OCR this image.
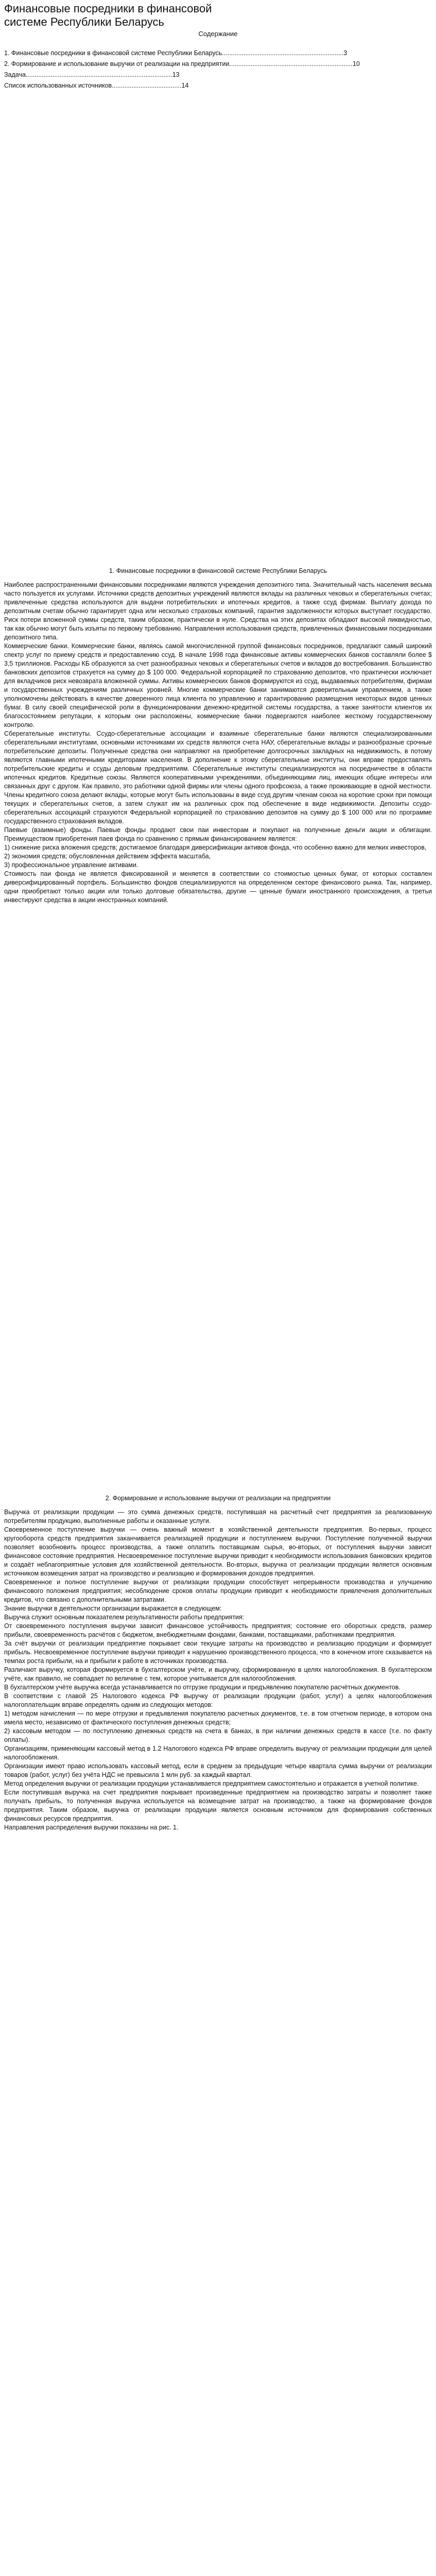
Финансовые посредники в финансовой системе Республики Беларусь
Содержание
1. Финансовые посредники в финансовой системе Республики Беларусь....................................................................3
2. Формирование и использование выручки от реализации на предприятии.....................................................................10
Задача..................................................................................13
Список использованных источников.......................................14
1. Финансовые посредники в финансовой системе Республики Беларусь

Наиболее распространенными финансовыми посредниками являются учреждения депозитного типа. Значительный часть населения весьма часто пользуется их услугами. Источники средств депозитных учреждений являются вклады на различных чековых и сберегательных счетах; привлеченные средства используются для выдачи потребительских и ипотечных кредитов, а также ссуд фирмам. Выплату дохода по депозитным счетам обычно гарантирует одна или несколько страховых компаний, гарантия задолженности которых выступает государство. Риск потери вложенной суммы средств, таким образом, практически в нуле. Средства на этих депозитах обладают высокой ликвидностью, так как обычно могут быть изъяты по первому требованию. Направления использования средств, привлеченных финансовыми посредниками депозитного типа.

Коммерческие банки. Коммерческие банки, являясь самой многочисленной группой финансовых посредников, предлагают самый широкий спектр услуг по приему средств и предоставлению ссуд. В начале 1998 года финансовые активы коммерческих банков составляли более $ 3,5 триллионов. Расходы КБ образуются за счет разнообразных чековых и сберегательных счетов и вкладов до востребования. Большинство банковских депозитов страхуется на сумму до $ 100 000. Федеральной корпорацией по страхованию депозитов, что практически исключает для вкладчиков риск невозврата вложенной суммы. Активы коммерческих банков формируются из ссуд, выдаваемых потребителям, фирмам и государственных учреждениям различных уровней. Многие коммерческие банки занимаются доверительным управлением, а также уполномочены действовать в качестве доверенного лица клиента по управлению и гарантированию размещения некоторых видов ценных бумаг. В силу своей специфической роли в функционировании денежно-кредитной системы государства, а также занятости клиентов их благосостоянием репутации, к которым они расположены, коммерческие банки подвергаются наиболее жесткому государственному контролю.

Сберегательные институты. Ссудо-сберегательные ассоциации и взаимные сберегательные банки являются специализированными сберегательными институтами, основными источниками их средств являются счета НАУ, сберегательные вклады и разнообразные срочные потребительские депозиты. Полученные средства они направляют на приобретение долгосрочных закладных на недвижимость, в потому являются главными ипотечными кредиторами населения. В дополнение к этому сберегательные институты, они вправе предоставлять потребительские кредиты и ссуды деловым предприятиям. Сберегательные институты специализируются на посредничестве в области ипотечных кредитов. Кредитные союзы. Являются кооперативными учреждениями, объединяющими лиц, имеющих общие интересы или связанных друг с другом. Как правило, это работники одной фирмы или члены одного профсоюза, а также проживающие в одной местности. Члены кредитного союза делают вклады, которые могут быть использованы в виде ссуд другим членам союза на короткие сроки при помощи текущих и сберегательных счетов, а затем служат им на различных срок под обеспечение в виде недвижимости. Депозиты ссудо-сберегательных ассоциаций страхуются Федеральной корпорацией по страхованию депозитов на сумму до $ 100 000 или по программе государственного страхования вкладов.

Паевые (взаимные) фонды. Паевые фонды продают свои паи инвесторам и покупают на полученные деньги акции и облигации. Преимуществом приобретения паев фонда по сравнению с прямым финансированием является:

1) снижение риска вложения средств; достигаемое благодаря диверсификации активов фонда, что особенно важно для мелких инвесторов,

2) экономия средств; обусловленная действием эффекта масштаба,

3) профессиональное управление активами.

Стоимость паи фонда не является фиксированной и меняется в соответствии со стоимостью ценных бумаг, от которых составлен диверсифицированный портфель. Большинство фондов специализируются на определенном секторе финансового рынка. Так, например, одни приобретают только акции или только долговые обязательства, другие — ценные бумаги иностранного происхождения, а третьи инвестируют средства в акции иностранных компаний.

2. Формирование и использование выручки от реализации на предприятии

Выручка от реализации продукции — это сумма денежных средств, поступившая на расчетный счет предприятия за реализованную потребителям продукцию, выполненные работы и оказанные услуги.

Своевременное поступление выручки — очень важный момент в хозяйственной деятельности предприятия. Во-первых, процесс кругооборота средств предприятия заканчивается реализацией продукции и поступлением выручки. Поступление полученной выручки позволяет возобновить процесс производства, а также оплатить поставщикам сырья, во-вторых, от поступления выручки зависит финансовое состояние предприятия. Несвоевременное поступление выручки приводит к необходимости использования банковских кредитов и создаёт неблагоприятные условия для хозяйственной деятельности. Во-вторых, выручка от реализации продукции является основным источником возмещения затрат на производство и реализацию и формирования доходов предприятия.

Своевременное и полное поступление выручки от реализации продукции способствует непрерывности производства и улучшению финансового положения предприятия; несоблюдение сроков оплаты продукции приводит к необходимости привлечения дополнительных кредитов, что связано с дополнительными затратами.

Знание выручки в деятельности организации выражается в следующем:

Выручка служит основным показателем результативности работы предприятия:

От своевременного поступления выручки зависит финансовое устойчивость предприятия; состояние его оборотных средств, размер прибыли, своевременность расчётов с бюджетом, внебюджетными фондами, банками, поставщиками, работниками предприятия.

За счёт выручки от реализации предприятие покрывает свои текущие затраты на производство и реализацию продукции и формирует прибыль. Несвоевременное поступление выручки приводит к нарушению производственного процесса, что в конечном итоге сказывается на темпах роста прибыли, на и прибыли к работе в источниках производства.

Различают выручку, которая формируется в бухгалтерском учёте, и выручку, сформированную в целях налогообложения. В бухгалтерском учёте, как правило, не совпадает по величине с тем, которое учитывается для налогообложения.

В бухгалтерском учёте выручка всегда устанавливается по отгрузке продукции и предъявлению покупателю расчётных документов.

В соответствии с главой 25 Налогового кодекса РФ выручку от реализации продукции (работ, услуг) а целях налогообложения налогоплательщик вправе определять одним из следующих методов:

1) методом начисления — по мере отгрузки и предъявления покупателю расчетных документов, т.е. в том отчетном периоде, в котором она имела место, независимо от фактического поступления денежных средств;

2) кассовым методом — по поступлению денежных средств на счета в банках, в при наличии денежных средств в кассе (т.е. по факту оплаты).

Организациям, применяющим кассовый метод в 1.2 Налогового кодекса РФ вправе определить выручку от реализации продукции для целей налогообложения.

Организации имеют право использовать кассовый метод, если в среднем за предыдущие четыре квартала сумма выручки от реализации товаров (работ, услуг) без учёта НДС не превысила 1 млн руб. за каждый квартал.

Метод определения выручки от реализации продукции устанавливается предприятием самостоятельно и отражается в учетной политике.

Если поступившая выручка на счет предприятия покрывает произведенные предприятием на производство затраты и позволяет также получать прибыль, то полученная выручка используется на возмещение затрат на производство, а также на формирование фондов предприятия. Таким образом, выручка от реализации продукции является основным источником для формирования собственных финансовых ресурсов предприятия.

Направления распределения выручки показаны на рис. 1.
